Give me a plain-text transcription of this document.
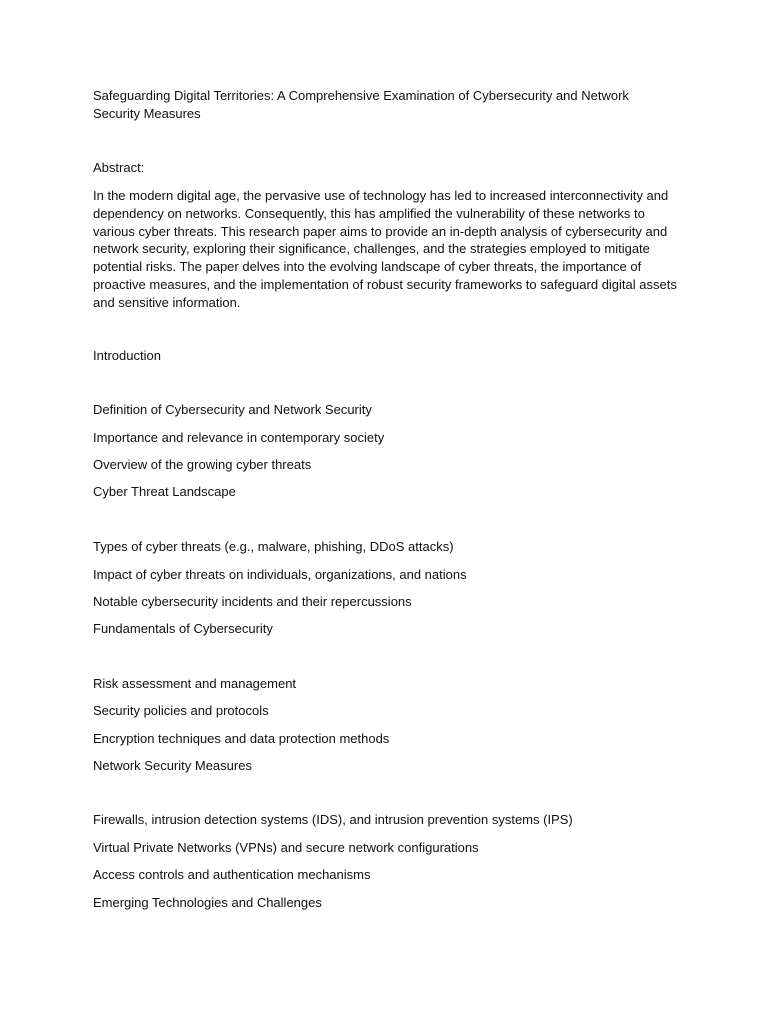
Safeguarding Digital Territories: A Comprehensive Examination of Cybersecurity and Network Security Measures

Abstract:

In the modern digital age, the pervasive use of technology has led to increased interconnectivity and dependency on networks. Consequently, this has amplified the vulnerability of these networks to various cyber threats. This research paper aims to provide an in-depth analysis of cybersecurity and network security, exploring their significance, challenges, and the strategies employed to mitigate potential risks. The paper delves into the evolving landscape of cyber threats, the importance of proactive measures, and the implementation of robust security frameworks to safeguard digital assets and sensitive information.

Introduction
Definition of Cybersecurity and Network Security
Importance and relevance in contemporary society
Overview of the growing cyber threats
Cyber Threat Landscape
Types of cyber threats (e.g., malware, phishing, DDoS attacks)
Impact of cyber threats on individuals, organizations, and nations
Notable cybersecurity incidents and their repercussions
Fundamentals of Cybersecurity
Risk assessment and management
Security policies and protocols
Encryption techniques and data protection methods
Network Security Measures
Firewalls, intrusion detection systems (IDS), and intrusion prevention systems (IPS)
Virtual Private Networks (VPNs) and secure network configurations
Access controls and authentication mechanisms
Emerging Technologies and Challenges
